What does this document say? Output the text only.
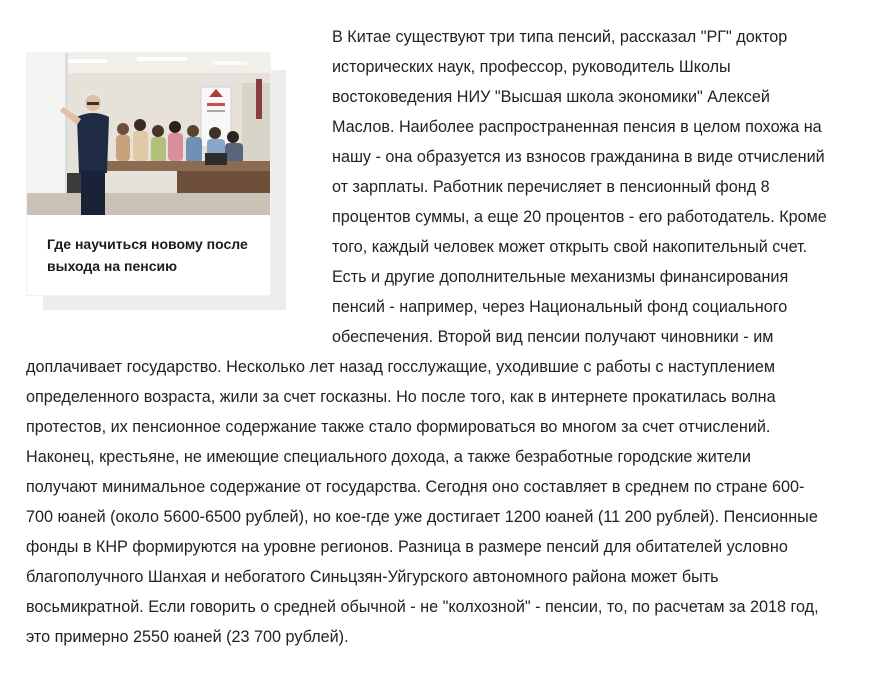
Где научиться новому после выхода на пенсию
В Китае существуют три типа пенсий, рассказал "РГ" доктор
исторических наук, профессор, руководитель Школы
востоковедения НИУ "Высшая школа экономики" Алексей
Маслов. Наиболее распространенная пенсия в целом похожа на
нашу - она образуется из взносов гражданина в виде отчислений
от зарплаты. Работник перечисляет в пенсионный фонд 8
процентов суммы, а еще 20 процентов - его работодатель. Кроме
того, каждый человек может открыть свой накопительный счет.
Есть и другие дополнительные механизмы финансирования
пенсий - например, через Национальный фонд социального
обеспечения. Второй вид пенсии получают чиновники - им
доплачивает государство. Несколько лет назад госслужащие, уходившие с работы с наступлением
определенного возраста, жили за счет госказны. Но после того, как в интернете прокатилась волна
протестов, их пенсионное содержание также стало формироваться во многом за счет отчислений.
Наконец, крестьяне, не имеющие специального дохода, а также безработные городские жители
получают минимальное содержание от государства. Сегодня оно составляет в среднем по стране 600-
700 юаней (около 5600-6500 рублей), но кое-где уже достигает 1200 юаней (11 200 рублей). Пенсионные
фонды в КНР формируются на уровне регионов. Разница в размере пенсий для обитателей условно
благополучного Шанхая и небогатого Синьцзян-Уйгурского автономного района может быть
восьмикратной. Если говорить о средней обычной - не "колхозной" - пенсии, то, по расчетам за 2018 год,
это примерно 2550 юаней (23 700 рублей).
